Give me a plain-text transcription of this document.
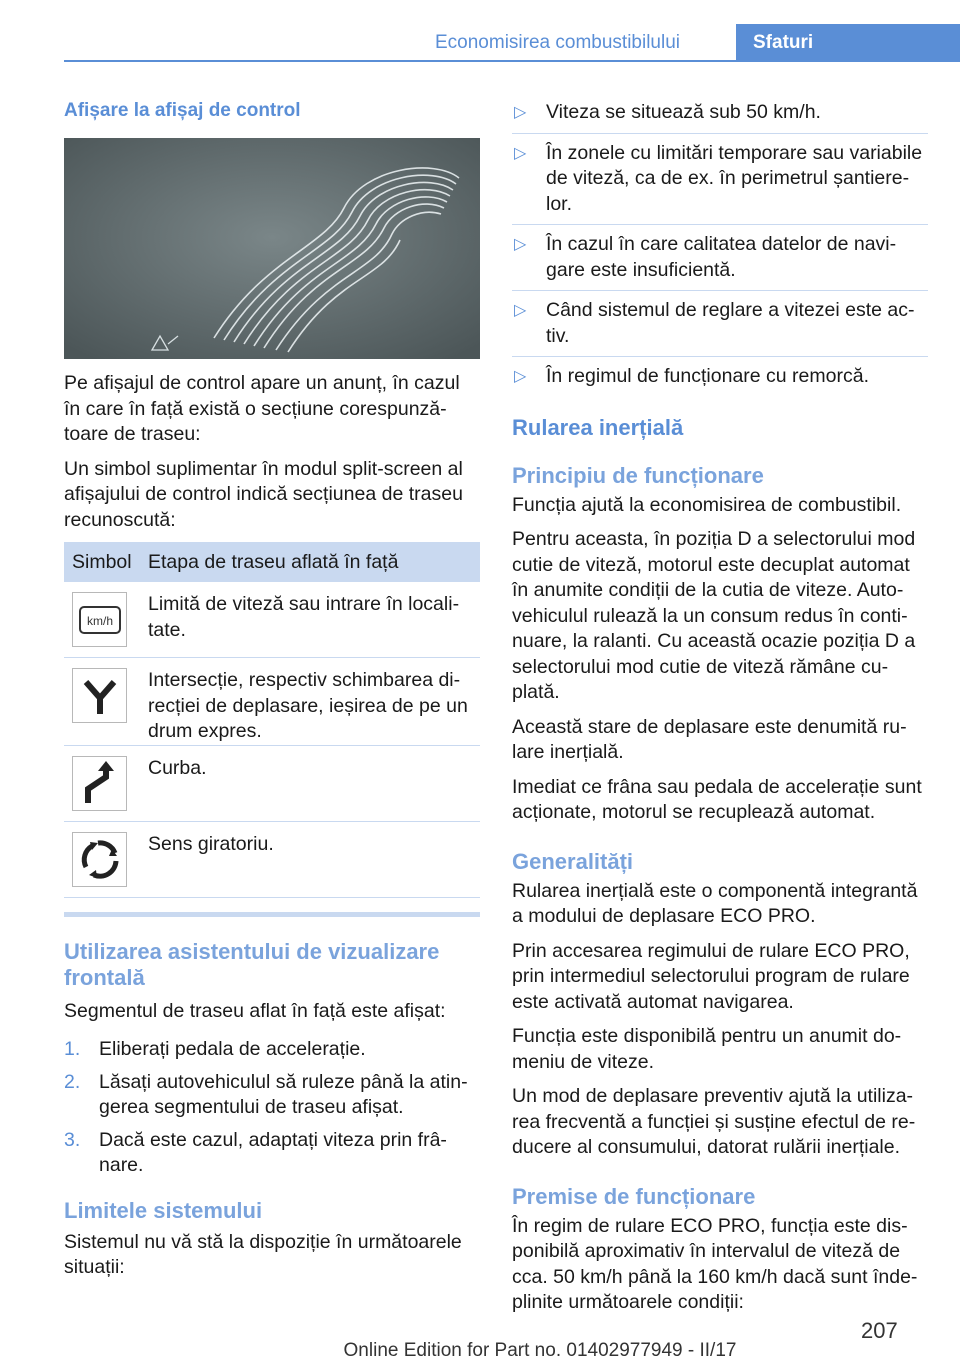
Economisirea combustibilului	Sfaturi
Afișare la afișaj de control
Pe afișajul de control apare un anunț, în cazul în care în față există o secțiune corespunză‐toare de traseu:
Un simbol suplimentar în modul split-screen al afișajului de control indică secțiunea de traseu recunoscută:
Simbol	Etapa de traseu aflată în față

km/h	Limită de viteză sau intrare în locali‐tate.

	Intersecție, respectiv schimbarea di‐recției de deplasare, ieșirea de pe un drum expres.

	Curba.

	Sens giratoriu.
Utilizarea asistentului de vizualizare frontală
Segmentul de traseu aflat în față este afișat:
1. Eliberați pedala de accelerație.
2. Lăsați autovehiculul să ruleze până la atin‐gerea segmentului de traseu afișat.
3. Dacă este cazul, adaptați viteza prin frâ‐nare.
Limitele sistemului
Sistemul nu vă stă la dispoziție în următoarele situații:
▷ Viteza se situează sub 50 km/h.
▷ În zonele cu limitări temporare sau variabile de viteză, ca de ex. în perimetrul șantiere‐lor.
▷ În cazul în care calitatea datelor de navi‐gare este insuficientă.
▷ Când sistemul de reglare a vitezei este ac‐tiv.
▷ În regimul de funcționare cu remorcă.
Rularea inerțială
Principiu de funcționare
Funcția ajută la economisirea de combustibil.
Pentru aceasta, în poziția D a selectorului mod cutie de viteză, motorul este decuplat automat în anumite condiții de la cutia de viteze. Auto‐vehiculul rulează la un consum redus în conti‐nuare, la ralanti. Cu această ocazie poziția D a selectorului mod cutie de viteză rămâne cu‐plată.
Această stare de deplasare este denumită ru‐lare inerțială.
Imediat ce frâna sau pedala de accelerație sunt acționate, motorul se recuplează automat.
Generalități
Rularea inerțială este o componentă integrantă a modului de deplasare ECO PRO.
Prin accesarea regimului de rulare ECO PRO, prin intermediul selectorului program de rulare este activată automat navigarea.
Funcția este disponibilă pentru un anumit do‐meniu de viteze.
Un mod de deplasare preventiv ajută la utiliza‐rea frecventă a funcției și susține efectul de re‐ducere al consumului, datorat rulării inerțiale.
Premise de funcționare
În regim de rulare ECO PRO, funcția este dis‐ponibilă aproximativ în intervalul de viteză de cca. 50 km/h până la 160 km/h dacă sunt înde‐plinite următoarele condiții:
207
Online Edition for Part no. 01402977949 - II/17
